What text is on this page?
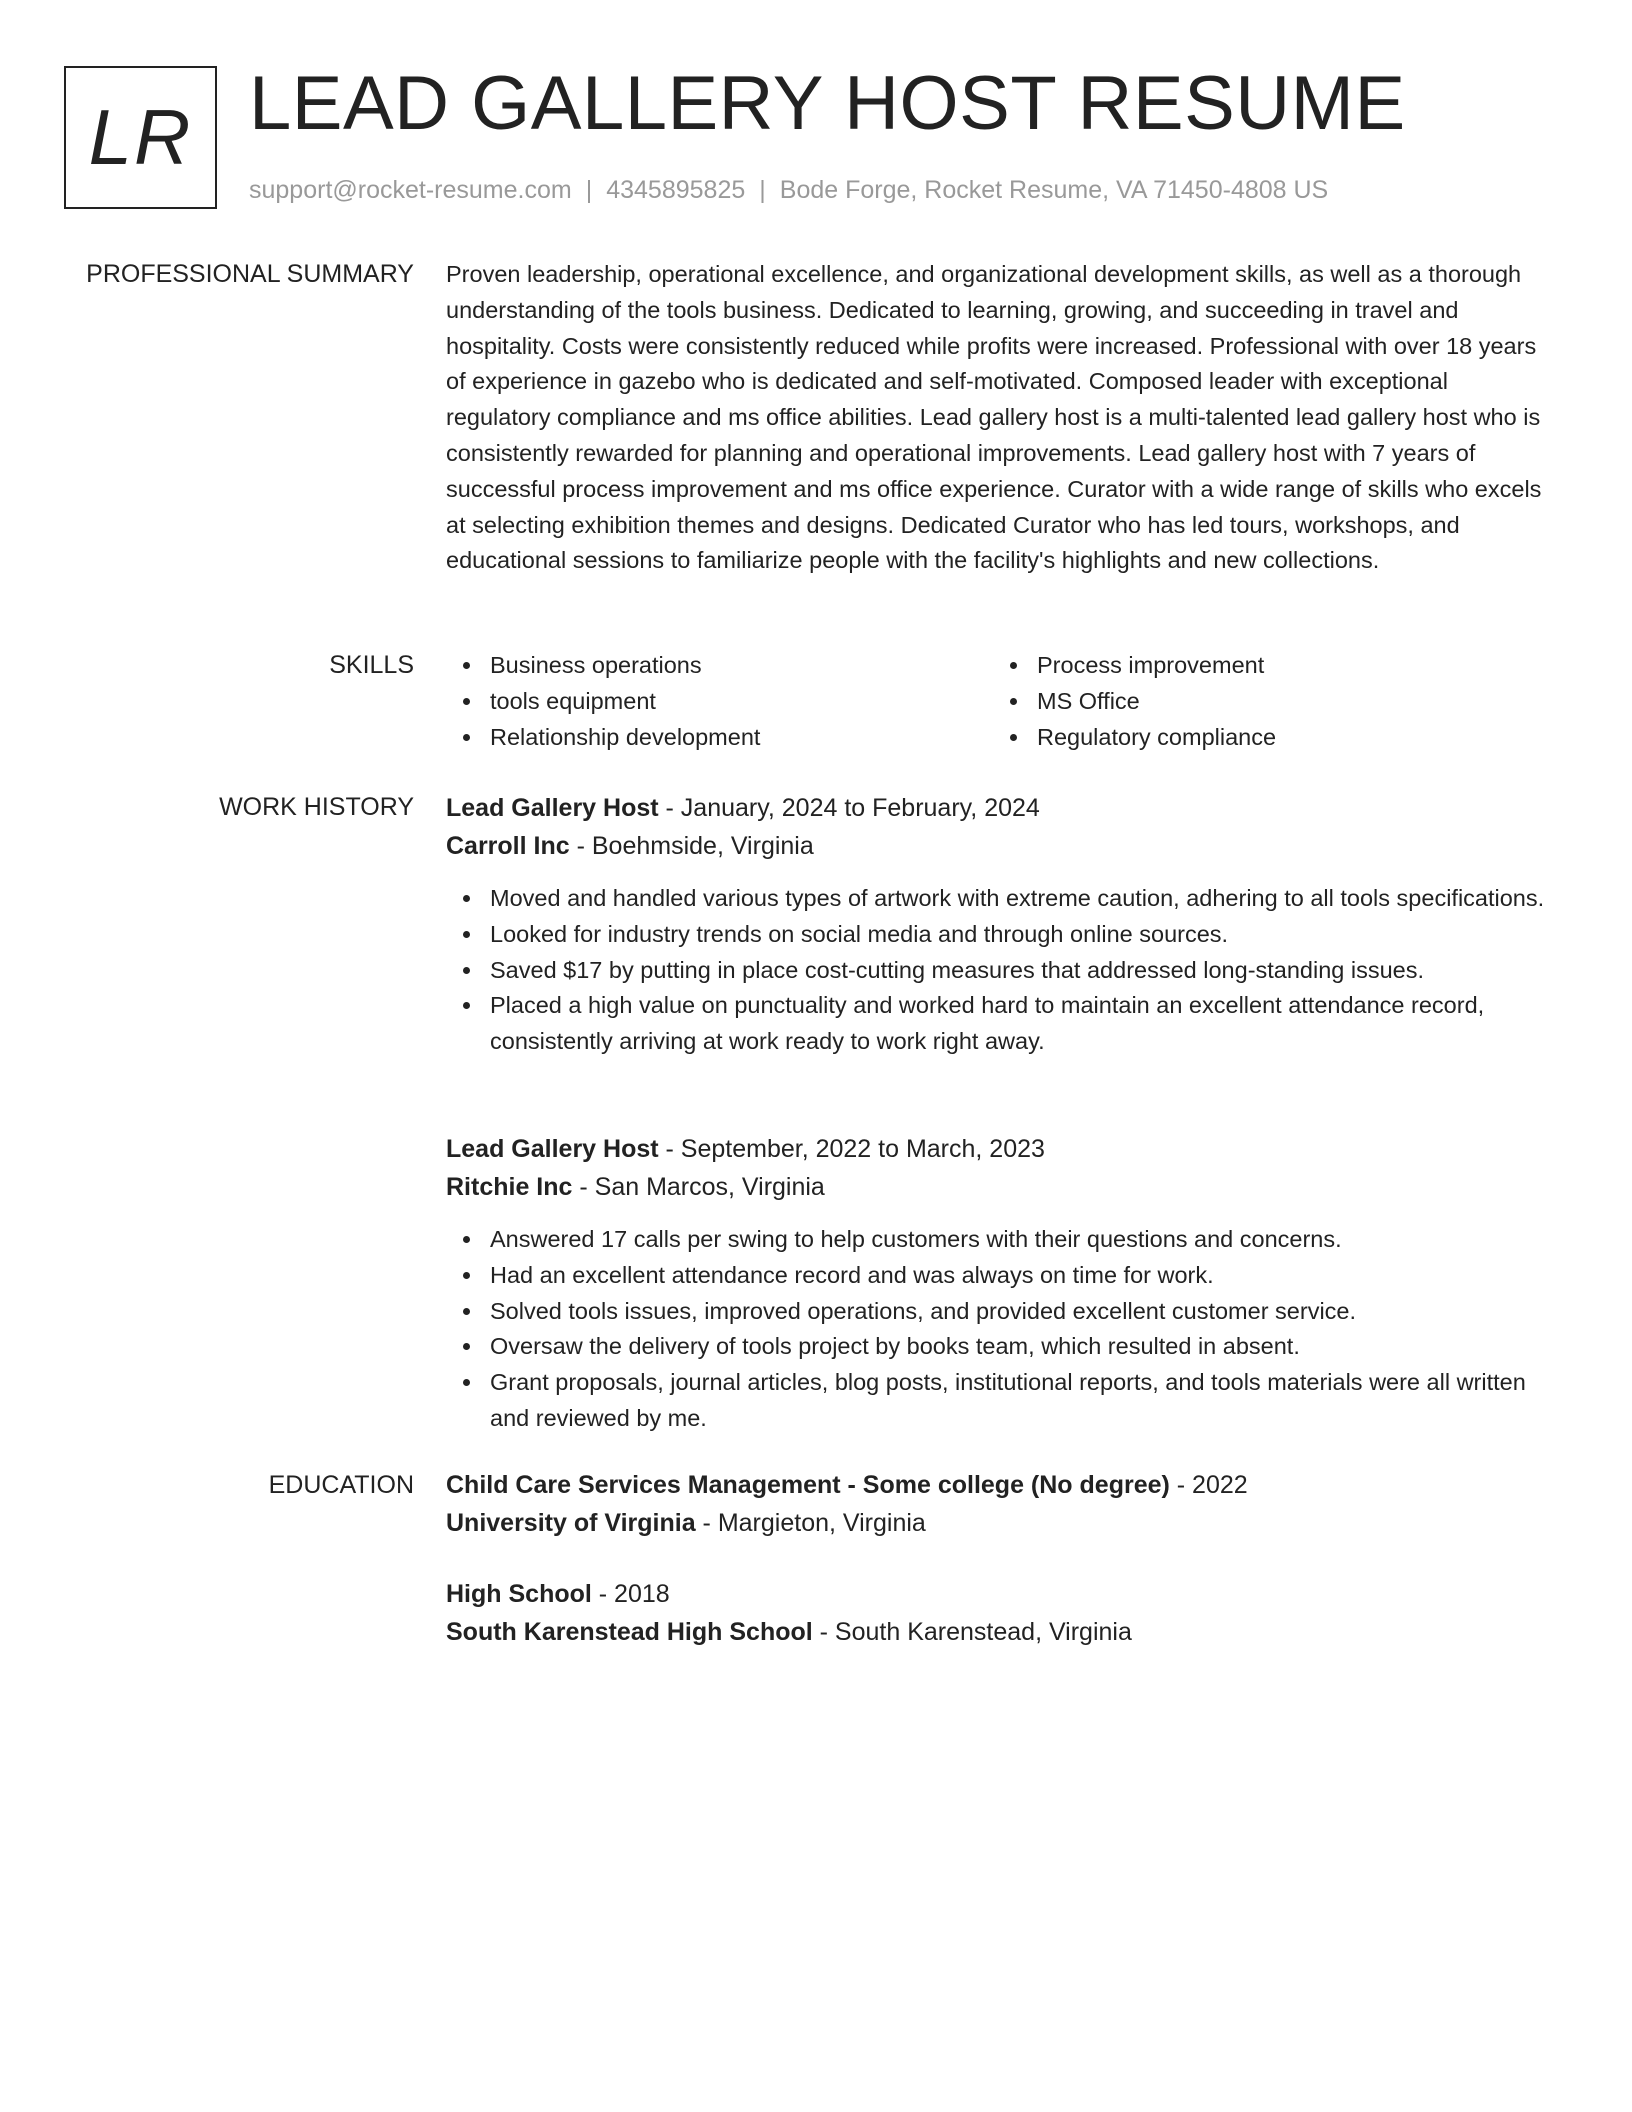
LR LEAD GALLERY HOST RESUME
support@rocket-resume.com | 4345895825 | Bode Forge, Rocket Resume, VA 71450-4808 US
PROFESSIONAL SUMMARY Proven leadership, operational excellence, and organizational development skills, as well as a thorough understanding of the tools business. Dedicated to learning, growing, and succeeding in travel and hospitality. Costs were consistently reduced while profits were increased. Professional with over 18 years of experience in gazebo who is dedicated and self-motivated. Composed leader with exceptional regulatory compliance and ms office abilities. Lead gallery host is a multi-talented lead gallery host who is consistently rewarded for planning and operational improvements. Lead gallery host with 7 years of successful process improvement and ms office experience. Curator with a wide range of skills who excels at selecting exhibition themes and designs. Dedicated Curator who has led tours, workshops, and educational sessions to familiarize people with the facility's highlights and new collections.
SKILLS	Business operations
tools equipment
Relationship development
Process improvement
MS Office
Regulatory compliance
WORK HISTORY Lead Gallery Host - January, 2024 to February, 2024
Carroll Inc - Boehmside, Virginia
Moved and handled various types of artwork with extreme caution, adhering to all tools specifications.
Looked for industry trends on social media and through online sources.
Saved $17 by putting in place cost-cutting measures that addressed long-standing issues.
Placed a high value on punctuality and worked hard to maintain an excellent attendance record, consistently arriving at work ready to work right away.
Lead Gallery Host - September, 2022 to March, 2023
Ritchie Inc - San Marcos, Virginia
Answered 17 calls per swing to help customers with their questions and concerns.
Had an excellent attendance record and was always on time for work.
Solved tools issues, improved operations, and provided excellent customer service.
Oversaw the delivery of tools project by books team, which resulted in absent.
Grant proposals, journal articles, blog posts, institutional reports, and tools materials were all written and reviewed by me.
EDUCATION Child Care Services Management - Some college (No degree) - 2022
University of Virginia - Margieton, Virginia
High School - 2018
South Karenstead High School - South Karenstead, Virginia
